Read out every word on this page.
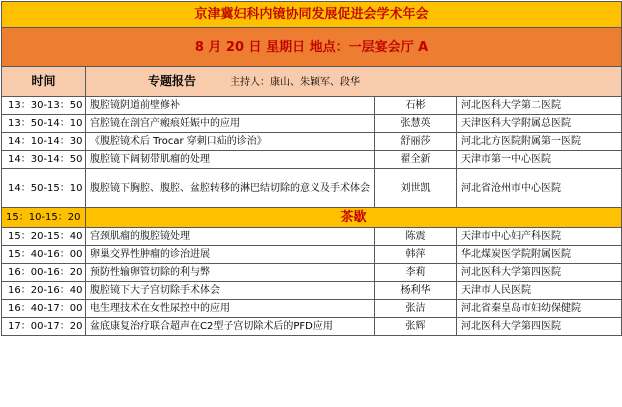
京津冀妇科内镜协同发展促进会学术年会			
8 月 20 日 星期日 地点：一层宴会厅 A			
时间	专题报告 主持人：康山、朱颖军、段华		
13：30-13：50	腹腔镜阴道前壁修补	石彬	河北医科大学第二医院
13：50-14：10	宫腔镜在剖宫产瘢痕妊娠中的应用	张慧英	天津医科大学附属总医院
14：10-14：30	《腹腔镜术后 Trocar 穿刺口疝的诊治》	舒丽莎	河北北方医院附属第一医院
14：30-14：50	腹腔镜下阔韧带肌瘤的处理	翟全新	天津市第一中心医院
14：50-15：10	腹腔镜下胸腔、腹腔、盆腔转移的淋巴结切除的意义及手术体会	刘世凯	河北省沧州市中心医院
15：10-15：20	茶歇		
15：20-15：40	宫颈肌瘤的腹腔镜处理	陈震	天津市中心妇产科医院
15：40-16：00	卵巢交界性肿瘤的诊治进展	韩萍	华北煤炭医学院附属医院
16：00-16：20	预防性输卵管切除的利与弊	李莉	河北医科大学第四医院
16：20-16：40	腹腔镜下大子宫切除手术体会	杨利华	天津市人民医院
16：40-17：00	电生理技术在女性尿控中的应用	张洁	河北省秦皇岛市妇幼保健院
17：00-17：20	盆底康复治疗联合超声在C2型子宫切除术后的PFD应用	张辉	河北医科大学第四医院
